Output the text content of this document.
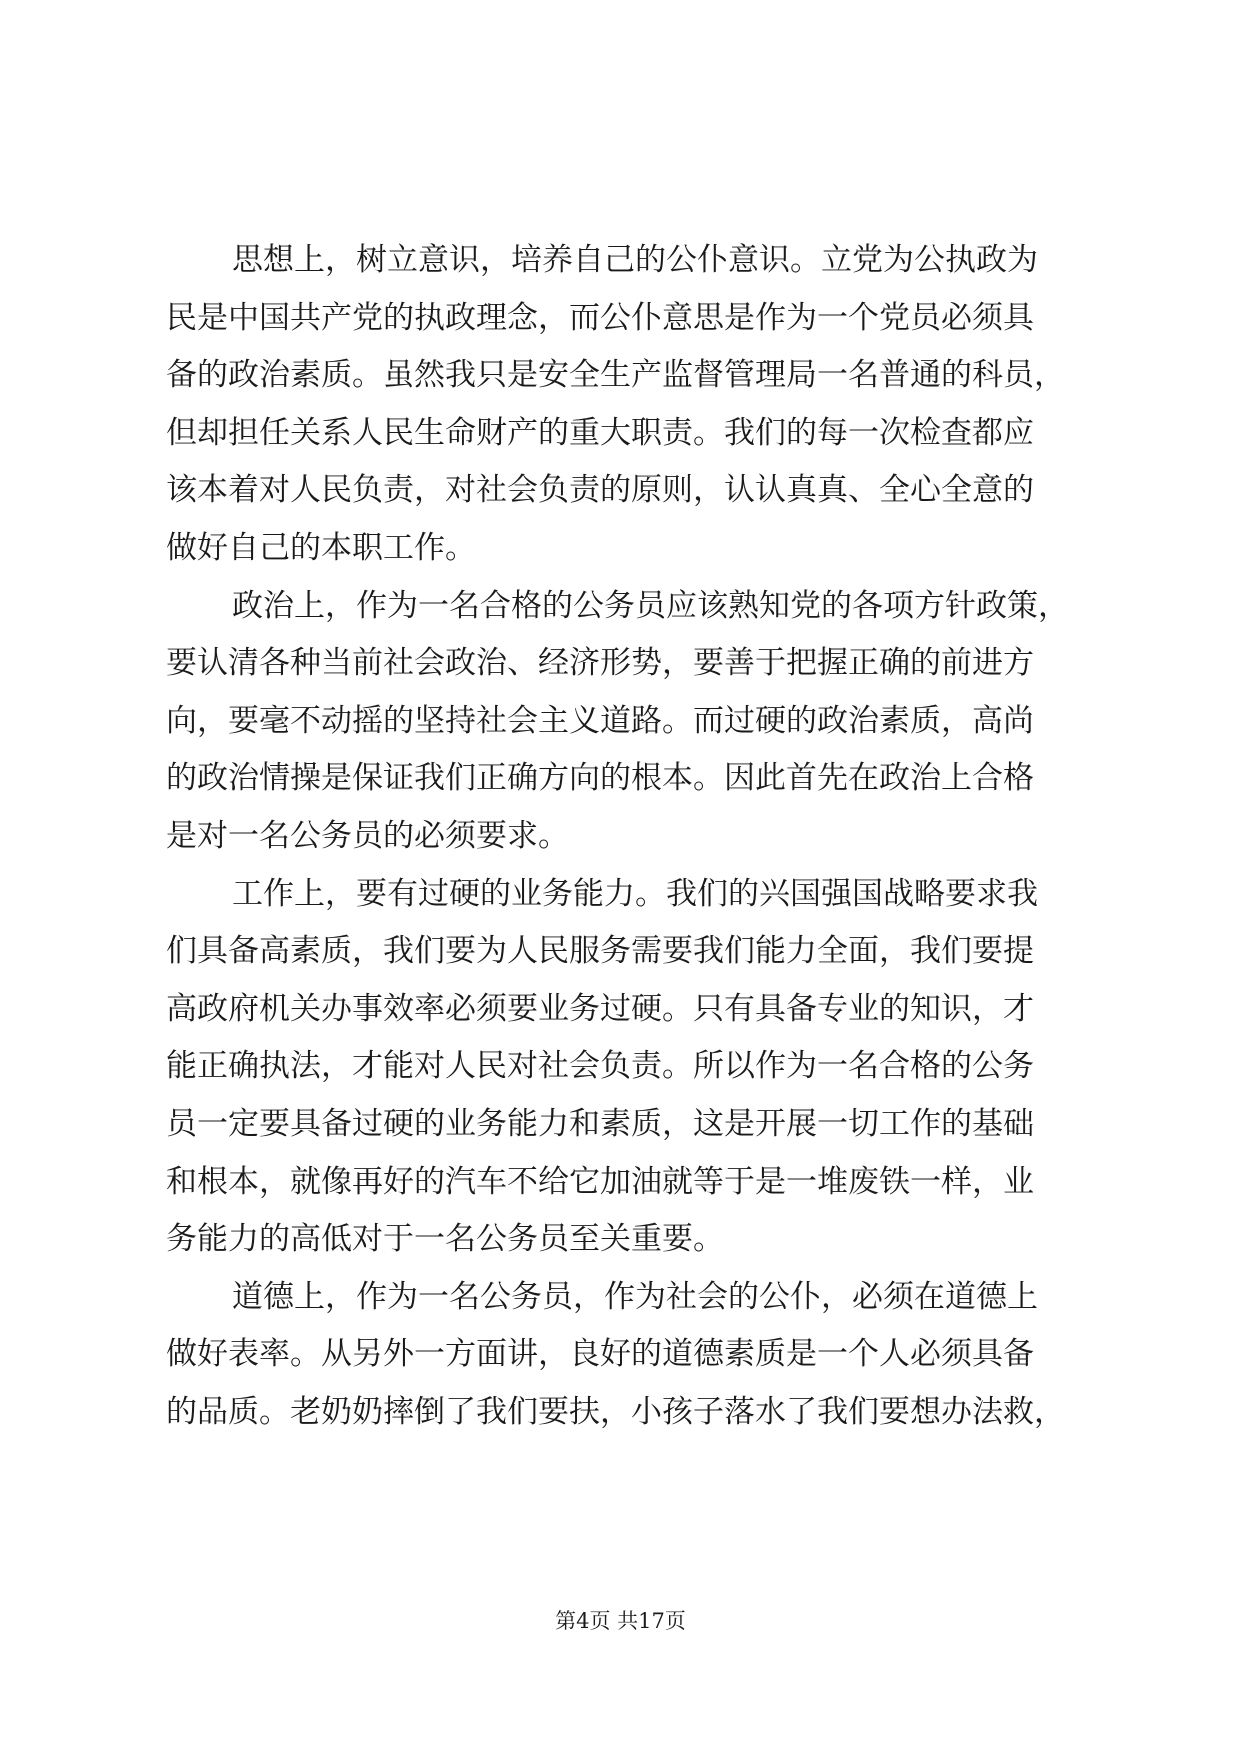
思想上，树立意识，培养自己的公仆意识。立党为公执政为
民是中国共产党的执政理念，而公仆意思是作为一个党员必须具
备的政治素质。虽然我只是安全生产监督管理局一名普通的科员，
但却担任关系人民生命财产的重大职责。我们的每一次检查都应
该本着对人民负责，对社会负责的原则，认认真真、全心全意的
做好自己的本职工作。
政治上，作为一名合格的公务员应该熟知党的各项方针政策，
要认清各种当前社会政治、经济形势，要善于把握正确的前进方
向，要毫不动摇的坚持社会主义道路。而过硬的政治素质，高尚
的政治情操是保证我们正确方向的根本。因此首先在政治上合格
是对一名公务员的必须要求。
工作上，要有过硬的业务能力。我们的兴国强国战略要求我
们具备高素质，我们要为人民服务需要我们能力全面，我们要提
高政府机关办事效率必须要业务过硬。只有具备专业的知识，才
能正确执法，才能对人民对社会负责。所以作为一名合格的公务
员一定要具备过硬的业务能力和素质，这是开展一切工作的基础
和根本，就像再好的汽车不给它加油就等于是一堆废铁一样，业
务能力的高低对于一名公务员至关重要。
道德上，作为一名公务员，作为社会的公仆，必须在道德上
做好表率。从另外一方面讲，良好的道德素质是一个人必须具备
的品质。老奶奶摔倒了我们要扶，小孩子落水了我们要想办法救，
第4页 共17页
